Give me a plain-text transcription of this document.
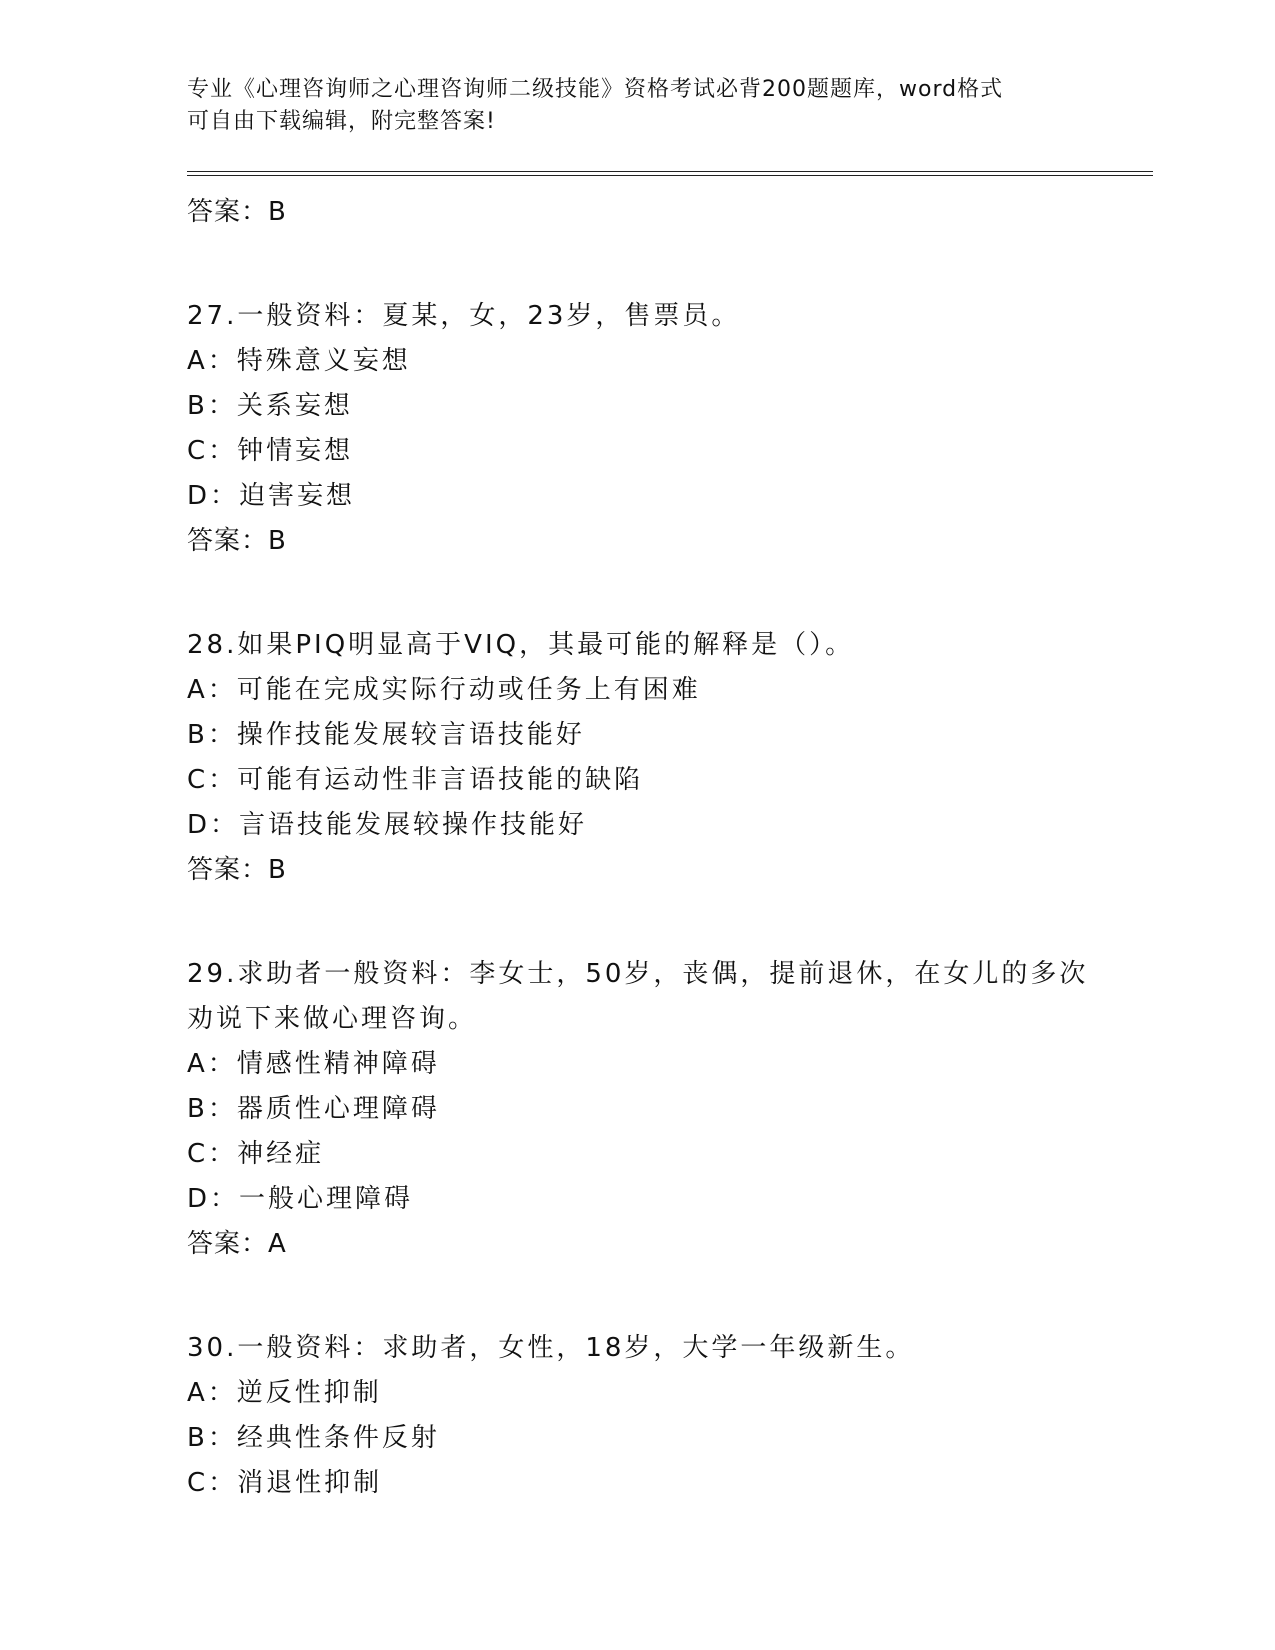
专业《心理咨询师之心理咨询师二级技能》资格考试必背200题题库，word格式
可自由下载编辑，附完整答案!
答案：B
27.一般资料：夏某，女，23岁，售票员。
A：特殊意义妄想
B：关系妄想
C：钟情妄想
D：迫害妄想
答案：B
28.如果PIQ明显高于VIQ，其最可能的解释是（）。
A：可能在完成实际行动或任务上有困难
B：操作技能发展较言语技能好
C：可能有运动性非言语技能的缺陷
D：言语技能发展较操作技能好
答案：B
29.求助者一般资料：李女士，50岁，丧偶，提前退休，在女儿的多次
劝说下来做心理咨询。
A：情感性精神障碍
B：器质性心理障碍
C：神经症
D：一般心理障碍
答案：A
30.一般资料：求助者，女性，18岁，大学一年级新生。
A：逆反性抑制
B：经典性条件反射
C：消退性抑制
